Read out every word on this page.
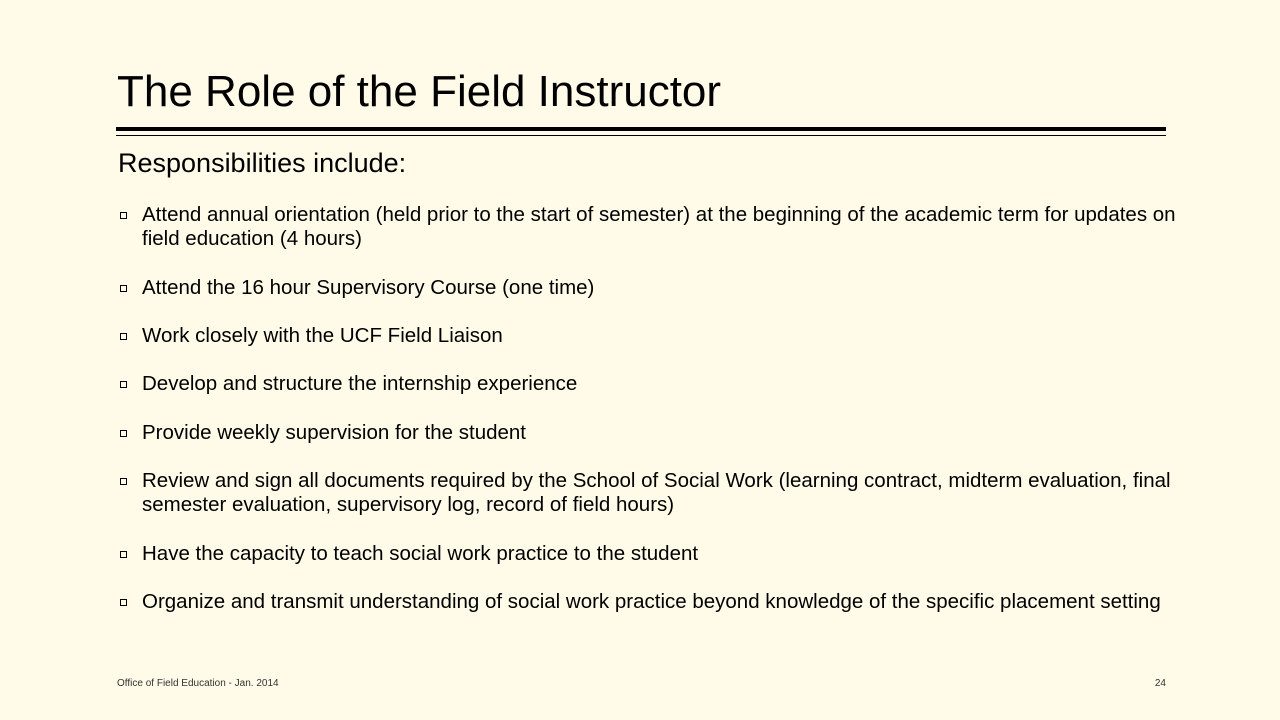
The Role of the Field Instructor
Responsibilities include:
Attend annual orientation (held prior to the start of semester) at the beginning of the academic term for updates on field education (4 hours)
Attend the 16 hour Supervisory Course (one time)
Work closely with the UCF Field Liaison
Develop and structure the internship experience
Provide weekly supervision for the student
Review and sign all documents required by the School of Social Work (learning contract, midterm evaluation, final semester evaluation, supervisory log, record of field hours)
Have the capacity to teach social work practice to the student
Organize and transmit understanding of social work practice beyond knowledge of the specific placement setting
Office of Field Education - Jan. 2014	24
